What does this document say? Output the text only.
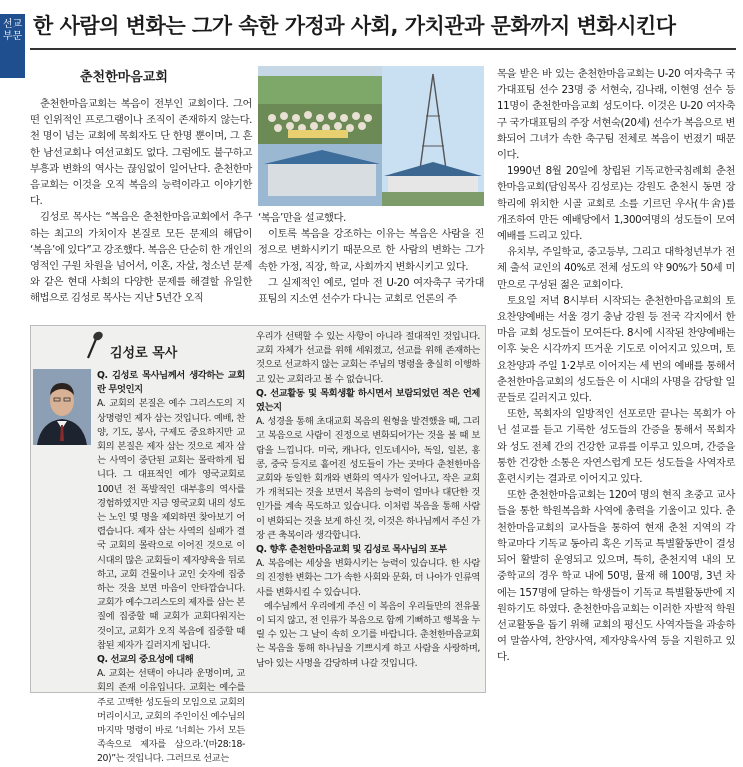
선교부문 한 사람의 변화는 그가 속한 가정과 사회, 가치관과 문화까지 변화시킨다
춘천한마음교회

춘천한마음교회는 복음이 전부인 교회이다. 그어떤 인위적인 프로그램이나 조직이 존재하지 않는다. 천 명이 넘는 교회에 목회자도 단 한명 뿐이며, 그 흔한 남선교회나 여선교회도 없다. 그럼에도 불구하고 부흥과 변화의 역사는 끊임없이 일어난다. 춘천한마음교회는 이것을 오직 복음의 능력이라고 이야기한다.

김성로 목사는 “복음은 춘천한마음교회에서 추구하는 최고의 가치이자 본질로 모든 문제의 해답이 ‘복음’에 있다”고 강조했다. 복음은 단순히 한 개인의 영적인 구원 차원을 넘어서, 이혼, 자살, 청소년 문제와 같은 현대 사회의 다양한 문제를 해결할 유일한 해법으로 김성로 목사는 지난 5년간 오직

‘복음’만을 설교했다.

이토록 복음을 강조하는 이유는 복음은 사람을 진정으로 변화시키기 때문으로 한 사람의 변화는 그가 속한 가정, 직장, 학교, 사회까지 변화시키고 있다.

그 실제적인 예로, 얼마 전 U-20 여자축구 국가대표팀의 지소연 선수가 다니는 교회로 언론의 주

목을 받은 바 있는 춘천한마음교회는 U-20 여자축구 국가대표팀 선수 23명 중 서현숙, 김나래, 이현영 선수 등 11명이 춘천한마음교회 성도이다. 이것은 U-20 여자축구 국가대표팀의 주장 서현숙(20세) 선수가 복음으로 변화되어 그녀가 속한 축구팀 전체로 복음이 번졌기 때문이다.

1990년 8월 20일에 창립된 기독교한국침례회 춘천한마음교회(담임목사 김성로)는 강원도 춘천시 동면 장학리에 위치한 시골 교회로 소를 기르던 우사(牛舍)를 개조하여 만든 예배당에서 1,300여명의 성도들이 모여 예배를 드리고 있다.

유치부, 주일학교, 중고등부, 그리고 대학청년부가 전체 출석 교인의 40%로 전체 성도의 약 90%가 50세 미만으로 구성된 젊은 교회이다.

토요일 저녁 8시부터 시작되는 춘천한마음교회의 토요찬양예배는 서울 경기 충남 강원 등 전국 각지에서 한마음 교회 성도들이 모여든다. 8시에 시작된 찬양예배는 이후 늦은 시각까지 뜨거운 기도로 이어지고 있으며, 토요찬양과 주일 1·2부로 이어지는 세 번의 예배를 통해서 춘천한마음교회의 성도들은 이 시대의 사명을 감당할 일꾼들로 길러지고 있다.

또한, 목회자의 일방적인 선포로만 끝나는 목회가 아닌 설교를 듣고 기록한 성도들의 간증을 통해서 목회자와 성도 전체 간의 건강한 교류를 이루고 있으며, 간증을 통한 건강한 소통은 자연스럽게 모든 성도들을 사역자로 훈련시키는 결과로 이어지고 있다.

또한 춘천한마음교회는 120여 명의 현직 초중고 교사들을 통한 학원복음화 사역에 총력을 기울이고 있다. 춘천한마음교회의 교사들을 통하여 현재 춘천 지역의 각 학교마다 기독교 동아리 혹은 기독교 특별활동반이 결성되어 활발히 운영되고 있으며, 특히, 춘천지역 내의 모 중학교의 경우 학교 내에 50명, 뮬재 해 100명, 3년 차에는 157명에 달하는 학생들이 기독교 특별활동반에 지원하기도 하였다. 춘천한마음교회는 이러한 자발적 학원선교활동을 돕기 위해 교회의 평신도 사역자들을 과송하여 말씀사역, 찬양사역, 제자양육사역 등을 지원하고 있다.

김성로 목사

Q. 김성로 목사님께서 생각하는 교회란 무엇인지

A. 교회의 본질은 예수 그리스도의 지상명령인 제자 삼는 것입니다. 예배, 찬양, 기도, 봉사, 구제도 중요하지만 교회의 본질은 제자 삼는 것으로 제자 삼는 사역이 중단된 교회는 몰락하게 됩니다. 그 대표적인 예가 영국교회로 100년 전 폭발적인 대부흥의 역사를 경험하였지만 지금 영국교회 내의 성도는 노인 몇 명을 제외하면 찾아보기 어렵습니다. 제자 삼는 사역의 실패가 결국 교회의 몰락으로 이어진 것으로 이 시대의 많은 교회들이 제자양육을 뒤로하고, 교회 건물이나 교인 숫자에 집중하는 것을 보면 마음이 안타깝습니다. 교회가 예수그리스도의 제자를 삼는 본질에 집중할 때 교회가 교회다워지는 것이고, 교회가 오직 복음에 집중할 때 참된 제자가 길러지게 됩니다.

Q. 선교의 중요성에 대해

A. 교회는 선택이 아니라 운명이며, 교회의 존재 이유입니다. 교회는 예수를 주로 고백한 성도들의 모임으로 교회의 머리이시고, 교회의 주인이신 예수님의 마지막 명령이 바로 ‘너희는 가서 모든 족속으로 제자를 삼으라.’(마28:18-20)”는 것입니다. 그러므로 선교는

우리가 선택할 수 있는 사항이 아니라 절대적인 것입니다. 교회 자체가 선교를 위해 세워졌고, 선교를 위해 존재하는 것으로 선교하지 않는 교회는 주님의 명령을 충실히 이행하고 있는 교회라고 볼 수 없습니다.

Q. 선교활동 및 목회생활 하시면서 보람되었던 적은 언제였는지

A. 성경을 통해 초대교회 복음의 원형을 발견했을 때, 그리고 복음으로 사람이 진정으로 변화되어가는 것을 볼 때 보람을 느낍니다. 미국, 캐나다, 인도네시아, 독일, 일본, 홍콩, 중국 등지로 흩어진 성도들이 가는 곳마다 춘천한마음교회와 동일한 회개와 변화의 역사가 일어나고, 작은 교회가 개척되는 것을 보면서 복음의 능력이 얼마나 대단한 것인가를 계속 목도하고 있습니다. 이처럼 복음을 통해 사람이 변화되는 것을 보게 하신 것, 이것은 하나님께서 주신 가장 큰 축복이라 생각합니다.

Q. 향후 춘천한마음교회 및 김성로 목사님의 포부

A. 복음에는 세상을 변화시키는 능력이 있습니다. 한 사람의 진정한 변화는 그가 속한 사회와 문화, 더 나아가 인류역사를 변화시킬 수 있습니다.

예수님께서 우리에게 주신 이 복음이 우리들만의 전유물이 되지 않고, 전 인류가 복음으로 함께 기뻐하고 행복을 누릴 수 있는 그 날이 속히 오기를 바랍니다. 춘천한마음교회는 복음을 통해 하나님을 기쁘시게 하고 사람을 사랑하며, 남아 있는 사명을 감당하며 나갈 것입니다.
